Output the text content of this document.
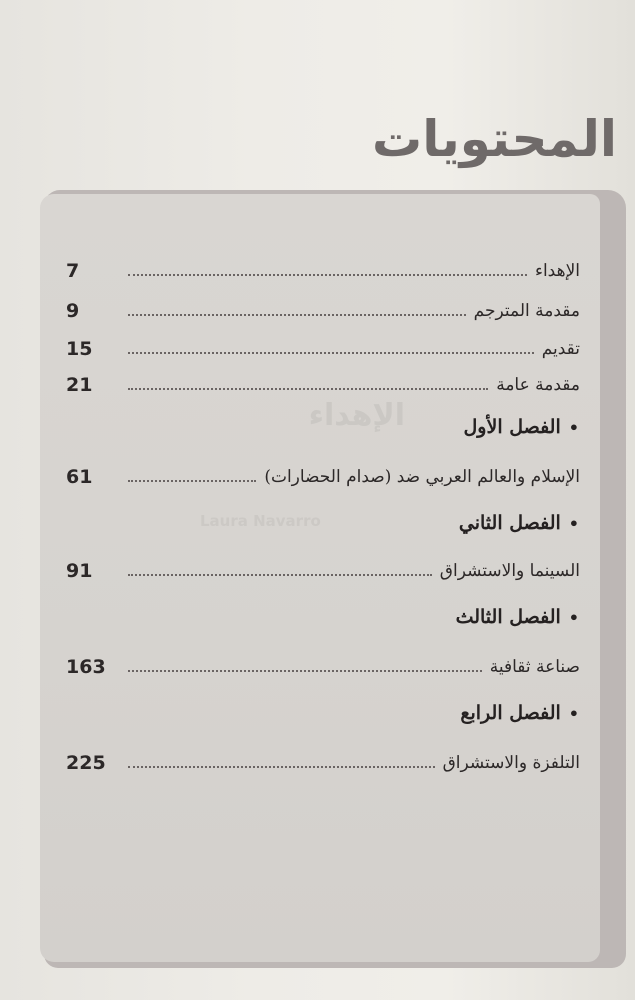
المحتويات
الإهداء
Laura Navarro
الإهداء
7
مقدمة المترجم
9
تقديم
15
مقدمة عامة
21
•الفصل الأول
الإسلام والعالم العربي ضد (صدام الحضارات)
61
•الفصل الثاني
السينما والاستشراق
91
•الفصل الثالث
صناعة ثقافية
163
•الفصل الرابع
التلفزة والاستشراق
225
